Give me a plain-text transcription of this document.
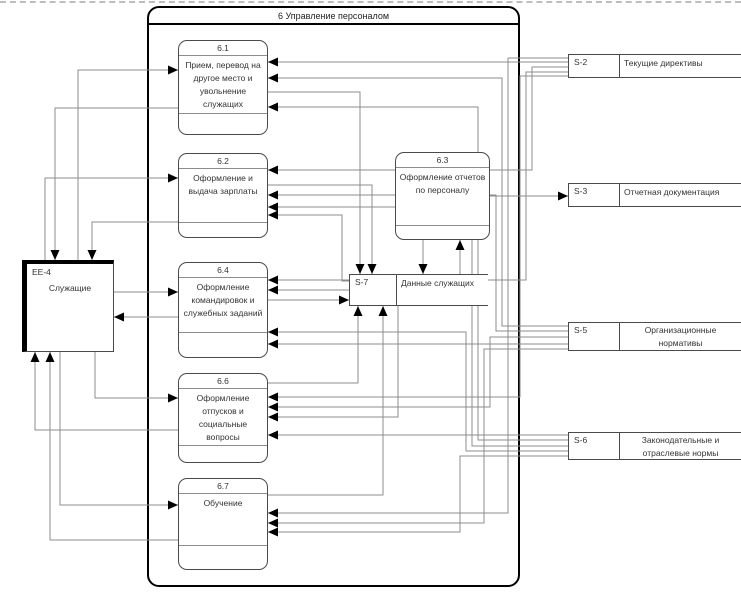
6 Управление персоналом
EE-4
Служащие
6.1
Прием, перевод на другое место и увольнение служащих
6.2
Оформление и выдача зарплаты
6.3
Оформление отчетов по персоналу
6.4
Оформление командировок и служебных заданий
6.6
Оформление отпусков и социальные вопросы
6.7
Обучение
S-7	Данные служащих
S-2	Текущие директивы
S-3	Отчетная документация
S-5	Организационные нормативы
S-6	Законодательные и отраслевые нормы
